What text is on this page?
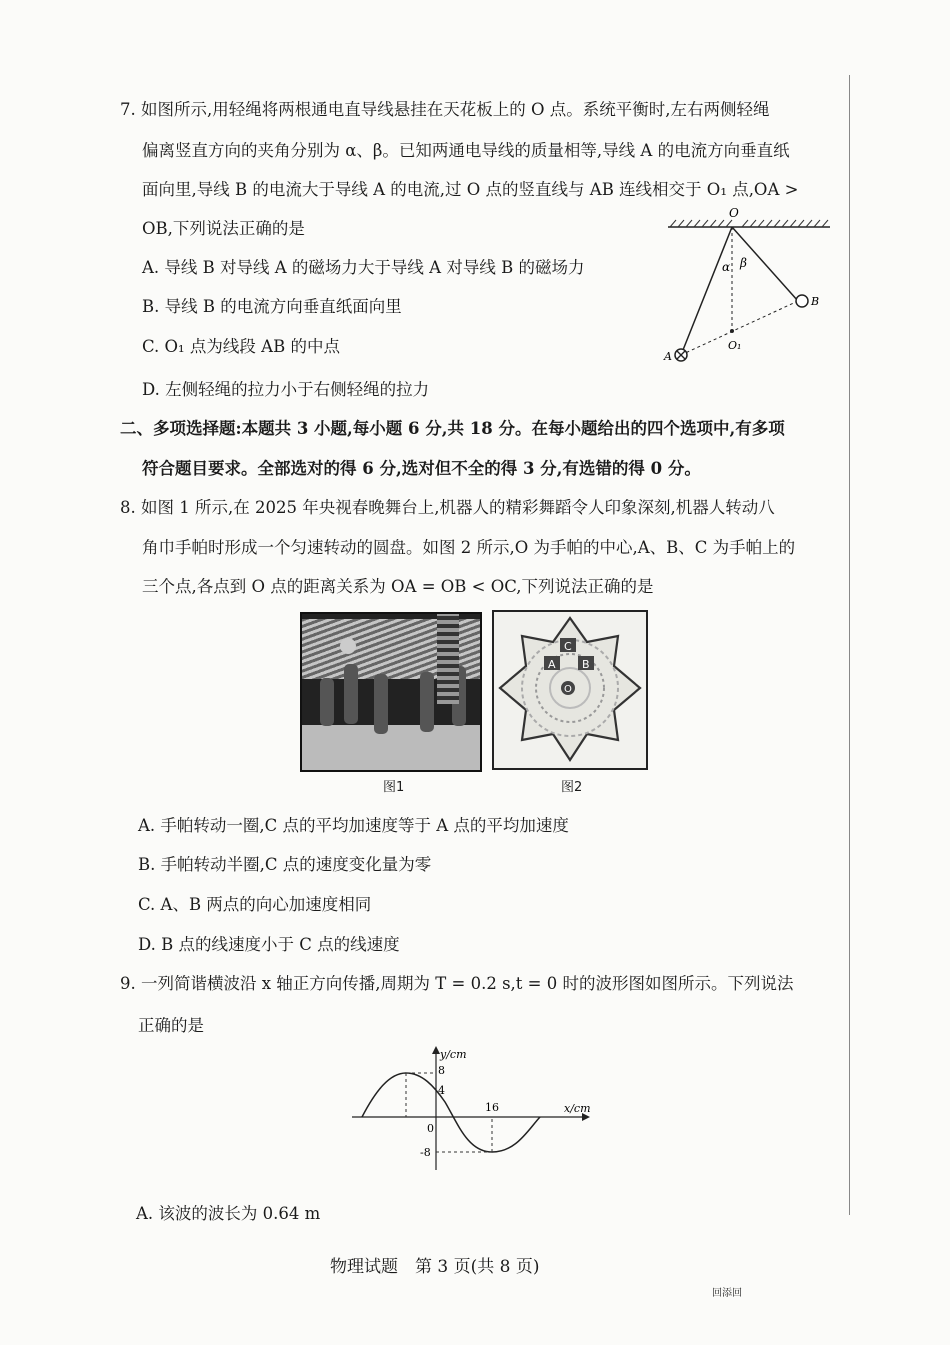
7. 如图所示,用轻绳将两根通电直导线悬挂在天花板上的 O 点。系统平衡时,左右两侧轻绳
偏离竖直方向的夹角分别为 α、β。已知两通电导线的质量相等,导线 A 的电流方向垂直纸
面向里,导线 B 的电流大于导线 A 的电流,过 O 点的竖直线与 AB 连线相交于 O₁ 点,OA >
OB,下列说法正确的是
A. 导线 B 对导线 A 的磁场力大于导线 A 对导线 B 的磁场力
B. 导线 B 的电流方向垂直纸面向里
C. O₁ 点为线段 AB 的中点
D. 左侧轻绳的拉力小于右侧轻绳的拉力
O
α β
B
A
O₁
二、多项选择题:本题共 3 小题,每小题 6 分,共 18 分。在每小题给出的四个选项中,有多项
符合题目要求。全部选对的得 6 分,选对但不全的得 3 分,有选错的得 0 分。
8. 如图 1 所示,在 2025 年央视春晚舞台上,机器人的精彩舞蹈令人印象深刻,机器人转动八
角巾手帕时形成一个匀速转动的圆盘。如图 2 所示,O 为手帕的中心,A、B、C 为手帕上的
三个点,各点到 O 点的距离关系为 OA = OB < OC,下列说法正确的是
图1
C
A B
O
图2
A. 手帕转动一圈,C 点的平均加速度等于 A 点的平均加速度
B. 手帕转动半圈,C 点的速度变化量为零
C. A、B 两点的向心加速度相同
D. B 点的线速度小于 C 点的线速度
9. 一列简谐横波沿 x 轴正方向传播,周期为 T = 0.2 s,t = 0 时的波形图如图所示。下列说法
正确的是
y/cm
x/cm
8
4
0
16
-8
A. 该波的波长为 0.64 m
物理试题　第 3 页(共 8 页)
回添回
